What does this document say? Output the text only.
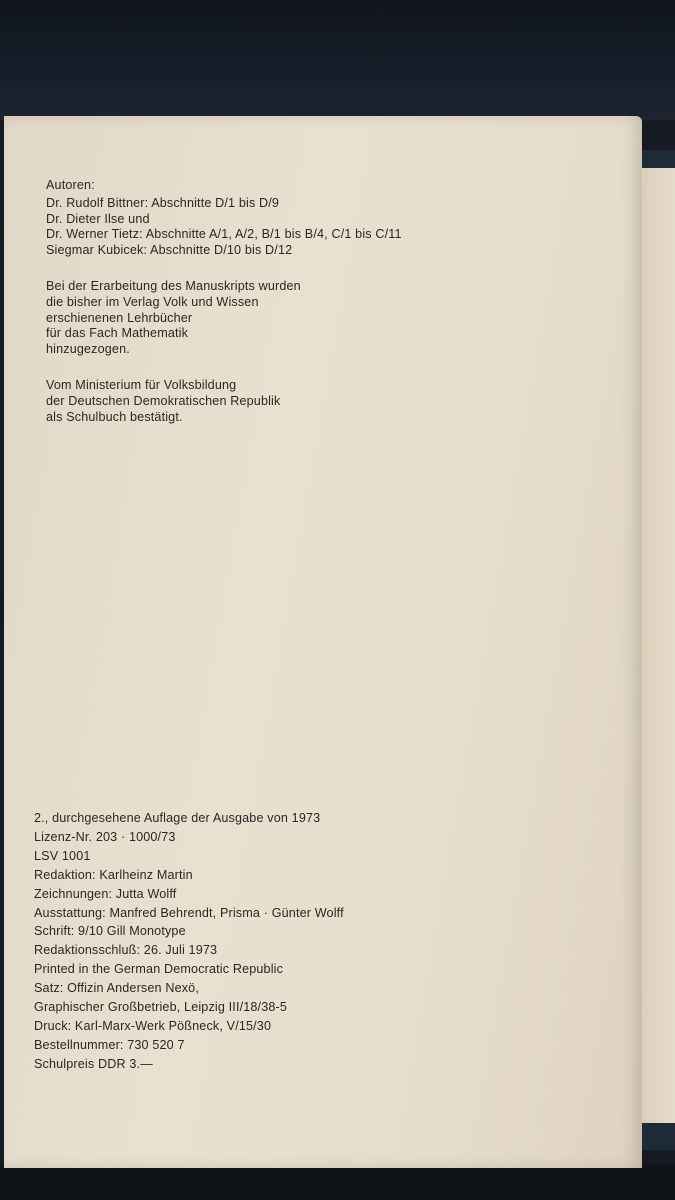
Autoren:
Dr. Rudolf Bittner: Abschnitte D/1 bis D/9
Dr. Dieter Ilse und
Dr. Werner Tietz: Abschnitte A/1, A/2, B/1 bis B/4, C/1 bis C/11
Siegmar Kubicek: Abschnitte D/10 bis D/12
Bei der Erarbeitung des Manuskripts wurden
die bisher im Verlag Volk und Wissen
erschienenen Lehrbücher
für das Fach Mathematik
hinzugezogen.
Vom Ministerium für Volksbildung
der Deutschen Demokratischen Republik
als Schulbuch bestätigt.
2., durchgesehene Auflage der Ausgabe von 1973
Lizenz-Nr. 203 · 1000/73
LSV 1001
Redaktion: Karlheinz Martin
Zeichnungen: Jutta Wolff
Ausstattung: Manfred Behrendt, Prisma · Günter Wolff
Schrift: 9/10 Gill Monotype
Redaktionsschluß: 26. Juli 1973
Printed in the German Democratic Republic
Satz: Offizin Andersen Nexö,
Graphischer Großbetrieb, Leipzig III/18/38-5
Druck: Karl-Marx-Werk Pößneck, V/15/30
Bestellnummer: 730 520 7
Schulpreis DDR 3.—
